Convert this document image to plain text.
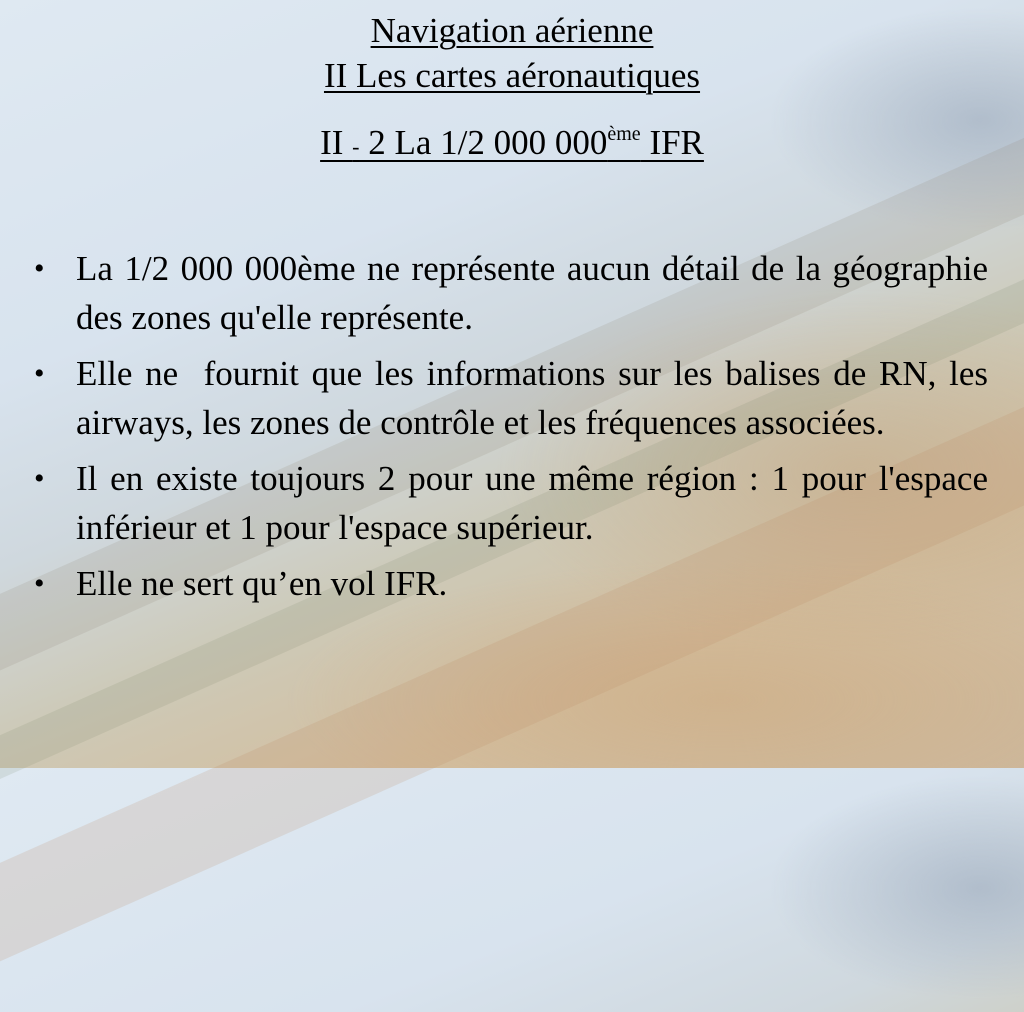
Navigation aérienne
II Les cartes aéronautiques
II - 2 La 1/2 000 000ème IFR
• La 1/2 000 000ème ne représente aucun détail de la géographie des zones qu'elle représente.
• Elle ne  fournit que les informations sur les balises de RN, les airways, les zones de contrôle et les fréquences associées.
• Il en existe toujours 2 pour une même région : 1 pour l'espace inférieur et 1 pour l'espace supérieur.
• Elle ne sert qu’en vol IFR.
